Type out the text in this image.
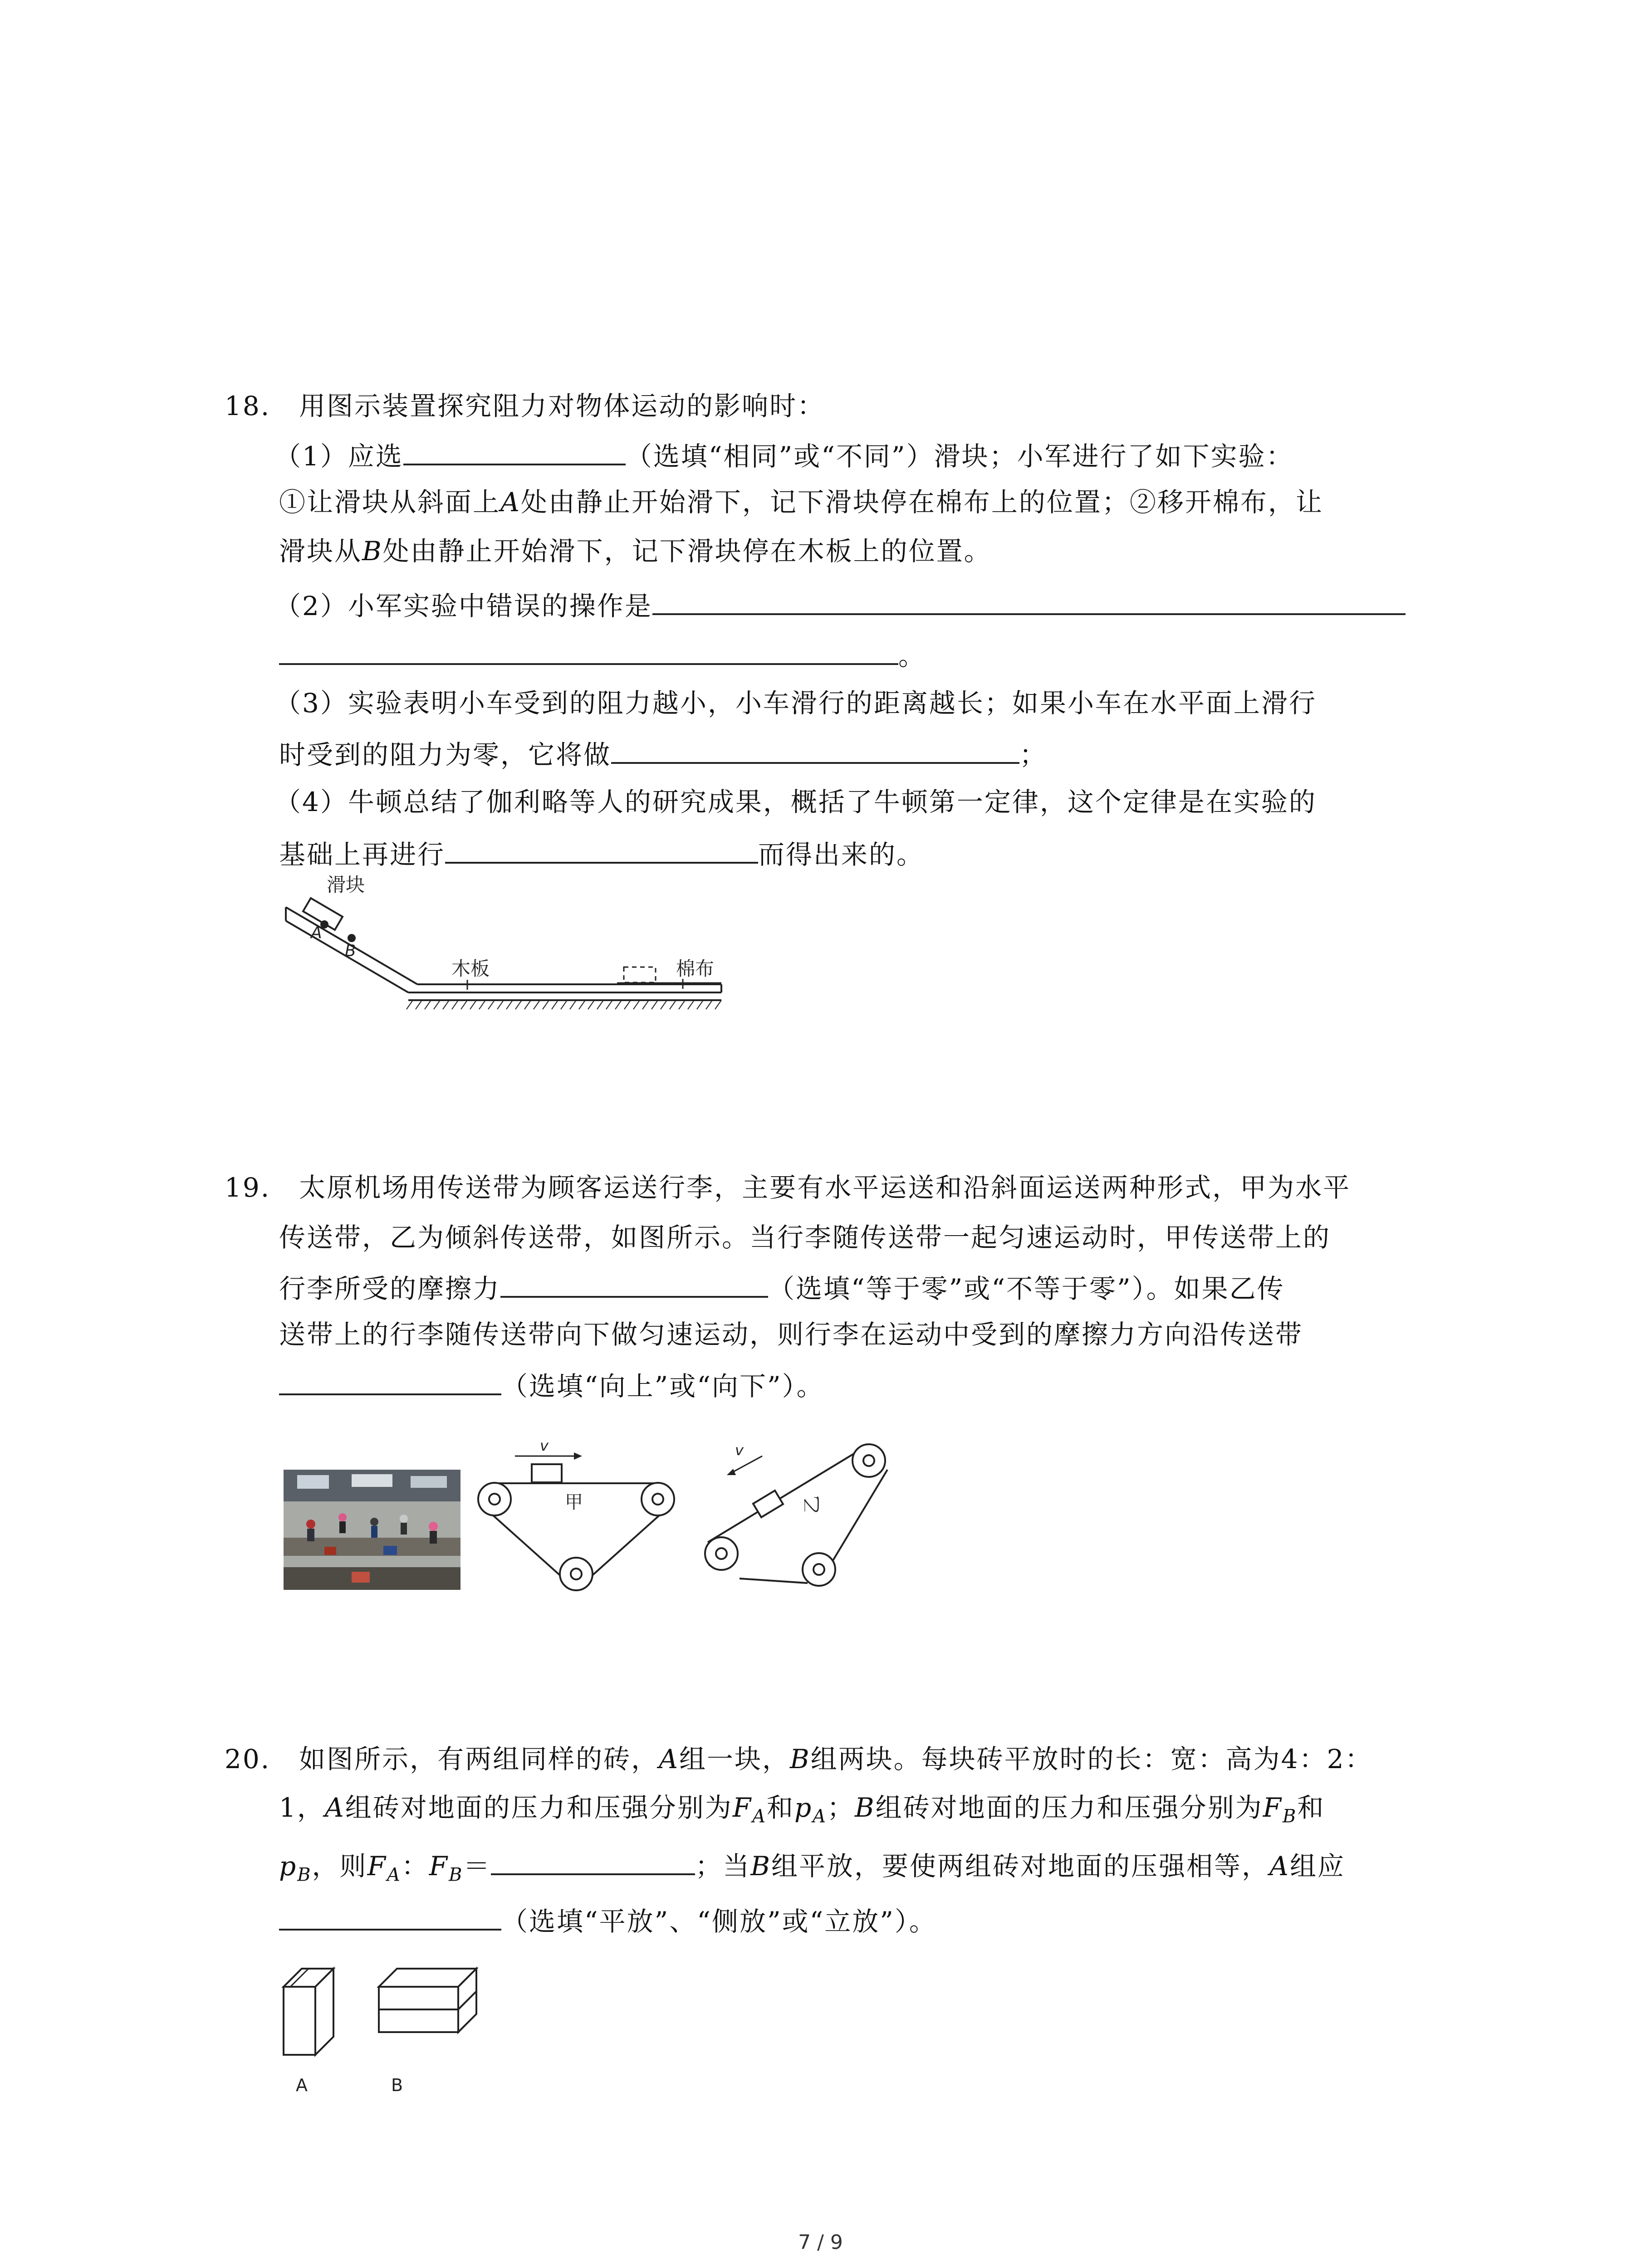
18. 用图示装置探究阻力对物体运动的影响时：
（1）应选	（选填“相同”或“不同”）滑块；小军进行了如下实验：
①让滑块从斜面上A处由静止开始滑下，记下滑块停在棉布上的位置；②移开棉布，让
滑块从B处由静止开始滑下，记下滑块停在木板上的位置。
（2）小军实验中错误的操作是
。
（3）实验表明小车受到的阻力越小，小车滑行的距离越长；如果小车在水平面上滑行
时受到的阻力为零，它将做	；
（4）牛顿总结了伽利略等人的研究成果，概括了牛顿第一定律，这个定律是在实验的
基础上再进行	而得出来的。
滑块
A
B
木板	棉布
19. 太原机场用传送带为顾客运送行李，主要有水平运送和沿斜面运送两种形式，甲为水平
传送带，乙为倾斜传送带，如图所示。当行李随传送带一起匀速运动时，甲传送带上的
行李所受的摩擦力	（选填“等于零”或“不等于零”）。如果乙传
送带上的行李随传送带向下做匀速运动，则行李在运动中受到的摩擦力方向沿传送带
（选填“向上”或“向下”）。
v
甲
v
乙
20. 如图所示，有两组同样的砖，A组一块，B组两块。每块砖平放时的长：宽：高为4：2：
1，A组砖对地面的压力和压强分别为$F_A$和$p_A$；B组砖对地面的压力和压强分别为$F_B$和
$p_B$，则$F_A$：$F_B=$	；当B组平放，要使两组砖对地面的压强相等，A组应
（选填“平放”、“侧放”或“立放”）。
A	B
7 / 9
